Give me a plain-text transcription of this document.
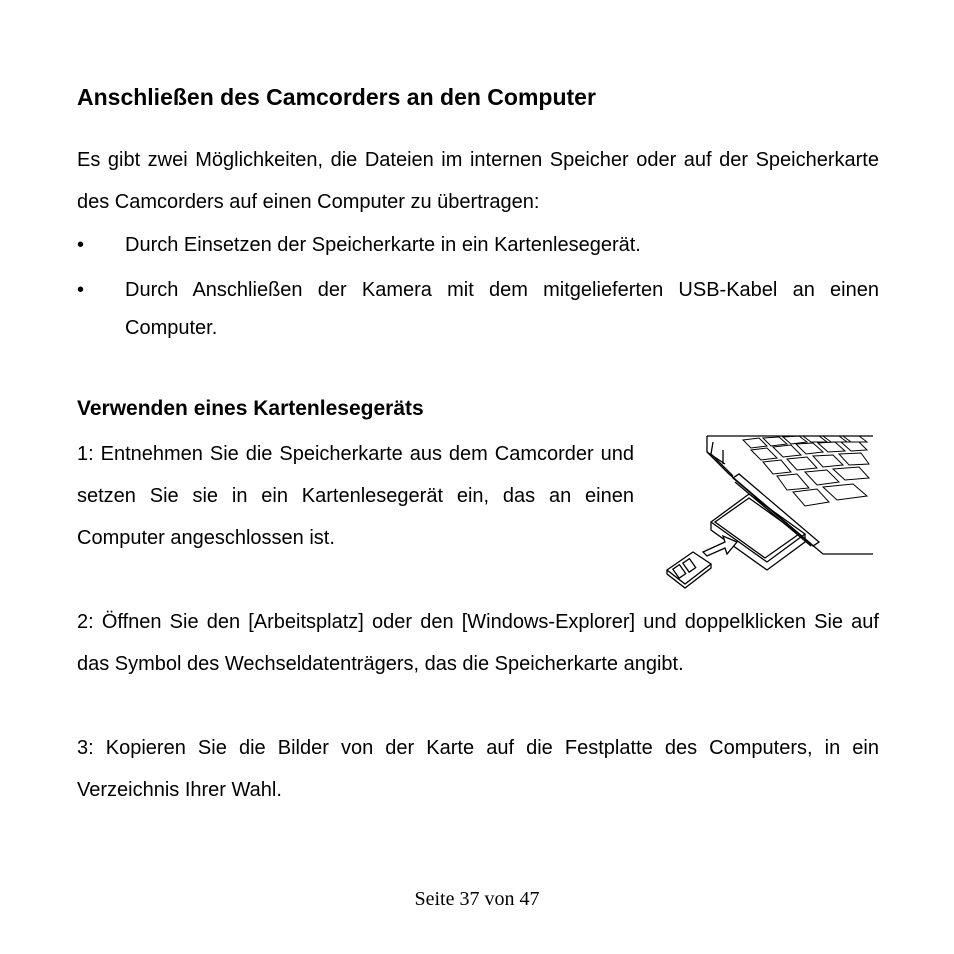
Anschließen des Camcorders an den Computer
Es gibt zwei Möglichkeiten, die Dateien im internen Speicher oder auf der Speicherkarte des Camcorders auf einen Computer zu übertragen:
•	Durch Einsetzen der Speicherkarte in ein Kartenlesegerät.
•	Durch Anschließen der Kamera mit dem mitgelieferten USB-Kabel an einen Computer.
Verwenden eines Kartenlesegeräts
1: Entnehmen Sie die Speicherkarte aus dem Camcorder und setzen Sie sie in ein Kartenlesegerät ein, das an einen Computer angeschlossen ist.
2: Öffnen Sie den [Arbeitsplatz] oder den [Windows-Explorer] und doppelklicken Sie auf das Symbol des Wechseldatenträgers, das die Speicherkarte angibt.
3: Kopieren Sie die Bilder von der Karte auf die Festplatte des Computers, in ein Verzeichnis Ihrer Wahl.
Seite 37 von 47
